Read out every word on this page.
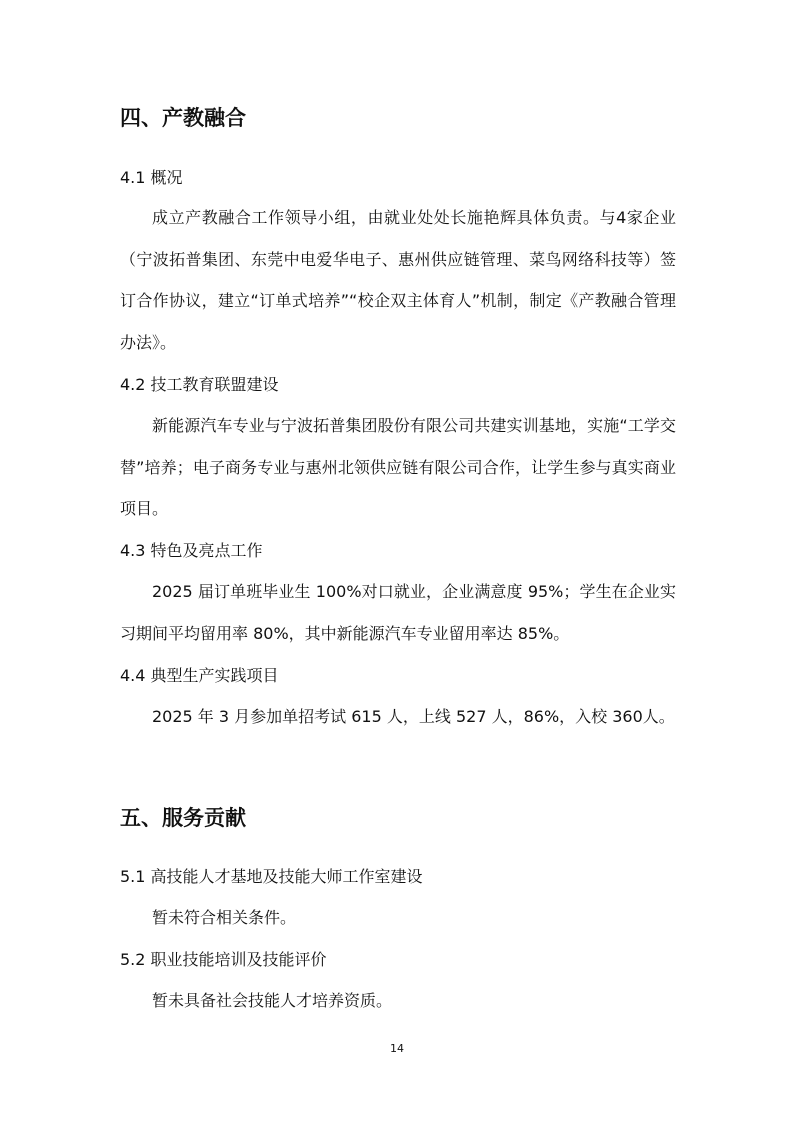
四、产教融合
4.1 概况

成立产教融合工作领导小组，由就业处处长施艳辉具体负责。与4家企业（宁波拓普集团、东莞中电爱华电子、惠州供应链管理、菜鸟网络科技等）签订合作协议，建立“订单式培养”“校企双主体育人”机制，制定《产教融合管理办法》。

4.2 技工教育联盟建设

新能源汽车专业与宁波拓普集团股份有限公司共建实训基地，实施“工学交替”培养；电子商务专业与惠州北领供应链有限公司合作，让学生参与真实商业项目。

4.3 特色及亮点工作

2025 届订单班毕业生 100%对口就业，企业满意度 95%；学生在企业实习期间平均留用率 80%，其中新能源汽车专业留用率达 85%。

4.4 典型生产实践项目

2025 年 3 月参加单招考试 615 人，上线 527 人，86%，入校 360人。

五、服务贡献
5.1 高技能人才基地及技能大师工作室建设

暂未符合相关条件。

5.2 职业技能培训及技能评价

暂未具备社会技能人才培养资质。

14
